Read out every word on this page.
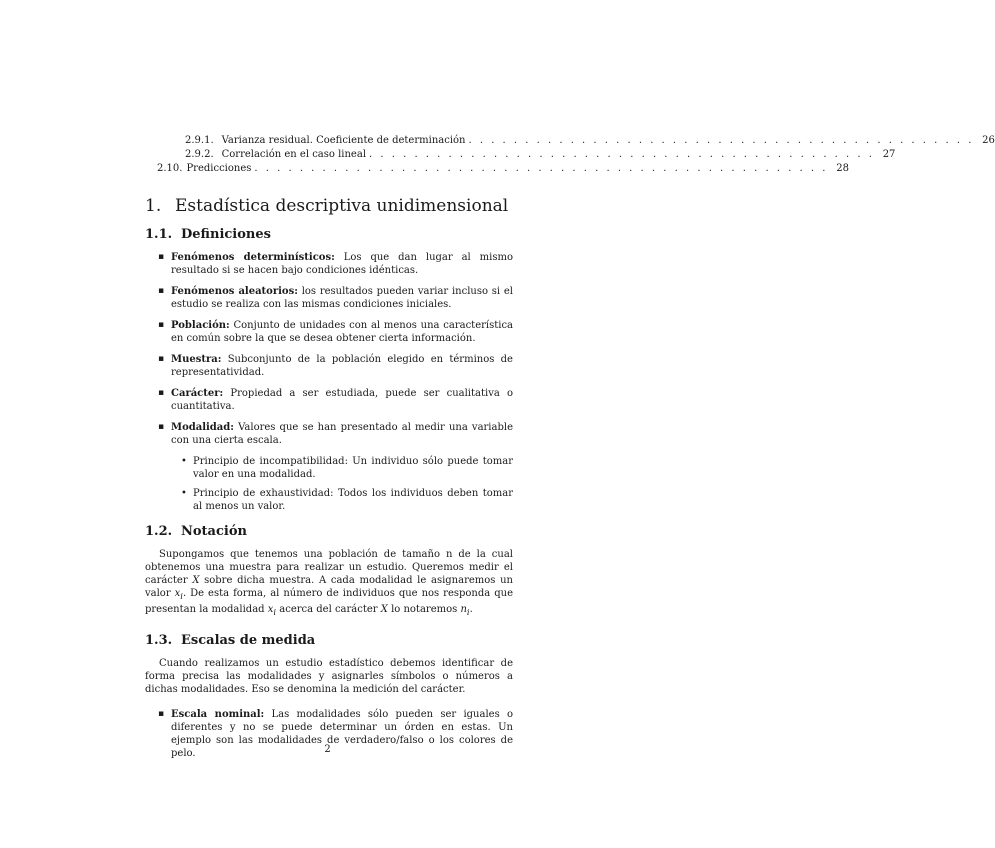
2.9.1. Varianza residual. Coeficiente de determinación . . . . . . . . . . . . . . . . . . . . . . . . . . . . . . . . . . . . . . . . . . . . . 26
2.9.2. Correlación en el caso lineal . . . . . . . . . . . . . . . . . . . . . . . . . . . . . . . . . . . . . . . . . . . . . 27
2.10. Predicciones . . . . . . . . . . . . . . . . . . . . . . . . . . . . . . . . . . . . . . . . . . . . . . . . . . . 28
1. Estadística descriptiva unidimensional
1.1. Definiciones
▪ Fenómenos determinísticos: Los que dan lugar al mismo resultado si se hacen bajo condiciones idénticas.
▪ Fenómenos aleatorios: los resultados pueden variar incluso si el estudio se realiza con las mismas condiciones iniciales.
▪ Población: Conjunto de unidades con al menos una característica en común sobre la que se desea obtener cierta información.
▪ Muestra: Subconjunto de la población elegido en términos de representatividad.
▪ Carácter: Propiedad a ser estudiada, puede ser cualitativa o cuantitativa.
▪ Modalidad: Valores que se han presentado al medir una variable con una cierta escala.
• Principio de incompatibilidad: Un individuo sólo puede tomar valor en una modalidad.
• Principio de exhaustividad: Todos los individuos deben tomar al menos un valor.
1.2. Notación

Supongamos que tenemos una población de tamaño n de la cual obtenemos una muestra para realizar un estudio. Queremos medir el carácter X sobre dicha muestra. A cada modalidad le asignaremos un valor $x_i$. De esta forma, al número de individuos que nos responda que presentan la modalidad $x_i$ acerca del carácter X lo notaremos $n_i$.

1.3. Escalas de medida

Cuando realizamos un estudio estadístico debemos identificar de forma precisa las modalidades y asignarles símbolos o números a dichas modalidades. Eso se denomina la medición del carácter.

▪ Escala nominal: Las modalidades sólo pueden ser iguales o diferentes y no se puede determinar un órden en estas. Un ejemplo son las modalidades de verdadero/falso o los colores de pelo.	2
